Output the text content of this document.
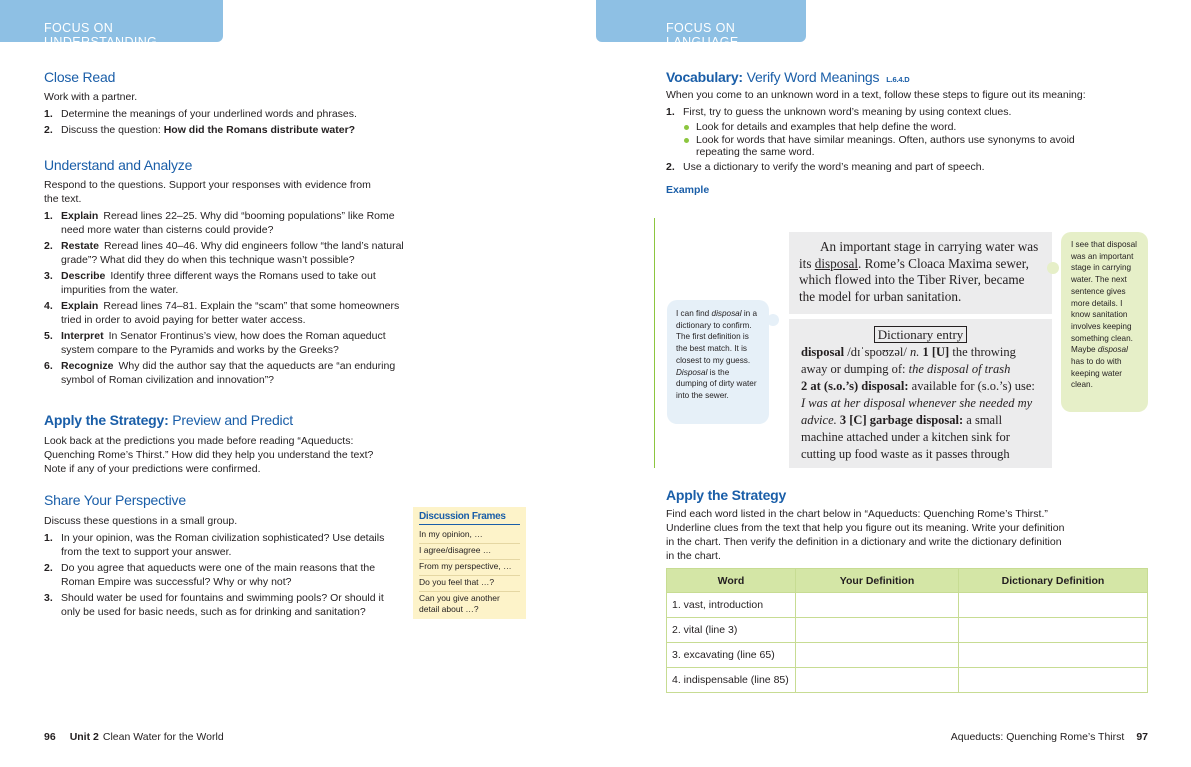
FOCUS ON UNDERSTANDING
Close Read

Work with a partner.

1. Determine the meanings of your underlined words and phrases.
2. Discuss the question: How did the Romans distribute water?
Understand and Analyze

Respond to the questions. Support your responses with evidence from the text.

1. Explain Reread lines 22–25. Why did “booming populations” like Rome need more water than cisterns could provide?
2. Restate Reread lines 40–46. Why did engineers follow “the land’s natural grade”? What did they do when this technique wasn’t possible?
3. Describe Identify three different ways the Romans used to take out impurities from the water.
4. Explain Reread lines 74–81. Explain the “scam” that some homeowners tried in order to avoid paying for better water access.
5. Interpret In Senator Frontinus’s view, how does the Roman aqueduct system compare to the Pyramids and works by the Greeks?
6. Recognize Why did the author say that the aqueducts are “an enduring symbol of Roman civilization and innovation”?
Apply the Strategy: Preview and Predict

Look back at the predictions you made before reading “Aqueducts: Quenching Rome’s Thirst.” How did they help you understand the text? Note if any of your predictions were confirmed.

Share Your Perspective

Discuss these questions in a small group.

1. In your opinion, was the Roman civilization sophisticated? Use details from the text to support your answer.
2. Do you agree that aqueducts were one of the main reasons that the Roman Empire was successful? Why or why not?
3. Should water be used for fountains and swimming pools? Or should it only be used for basic needs, such as for drinking and sanitation?
Discussion Frames
In my opinion, …
I agree/disagree …
From my perspective, …
Do you feel that …?
Can you give another detail about …?
96 Unit 2 Clean Water for the World
FOCUS ON LANGUAGE
Vocabulary: Verify Word Meanings L.6.4.D

When you come to an unknown word in a text, follow these steps to figure out its meaning:

1. First, try to guess the unknown word’s meaning by using context clues.
Look for details and examples that help define the word.
Look for words that have similar meanings. Often, authors use synonyms to avoid repeating the same word.
2. Use a dictionary to verify the word’s meaning and part of speech.

Example

An important stage in carrying water was its disposal. Rome’s Cloaca Maxima sewer, which flowed into the Tiber River, became the model for urban sanitation.
Dictionary entry
disposal /dɪˈspoʊzəl/ n. 1 [U] the throwing away or dumping of: the disposal of trash
2 at (s.o.’s) disposal: available for (s.o.’s) use: I was at her disposal whenever she needed my advice. 3 [C] garbage disposal: a small machine attached under a kitchen sink for cutting up food waste as it passes through
I can find disposal in a dictionary to confirm. The first definition is the best match. It is closest to my guess. Disposal is the dumping of dirty water into the sewer.
I see that disposal was an important stage in carrying water. The next sentence gives more details. I know sanitation involves keeping something clean. Maybe disposal has to do with keeping water clean.
Apply the Strategy

Find each word listed in the chart below in “Aqueducts: Quenching Rome’s Thirst.” Underline clues from the text that help you figure out its meaning. Write your definition in the chart. Then verify the definition in a dictionary and write the dictionary definition in the chart.

Word	Your Definition	Dictionary Definition
1. vast, introduction		
2. vital (line 3)		
3. excavating (line 65)		
4. indispensable (line 85)		
Aqueducts: Quenching Rome’s Thirst 97
